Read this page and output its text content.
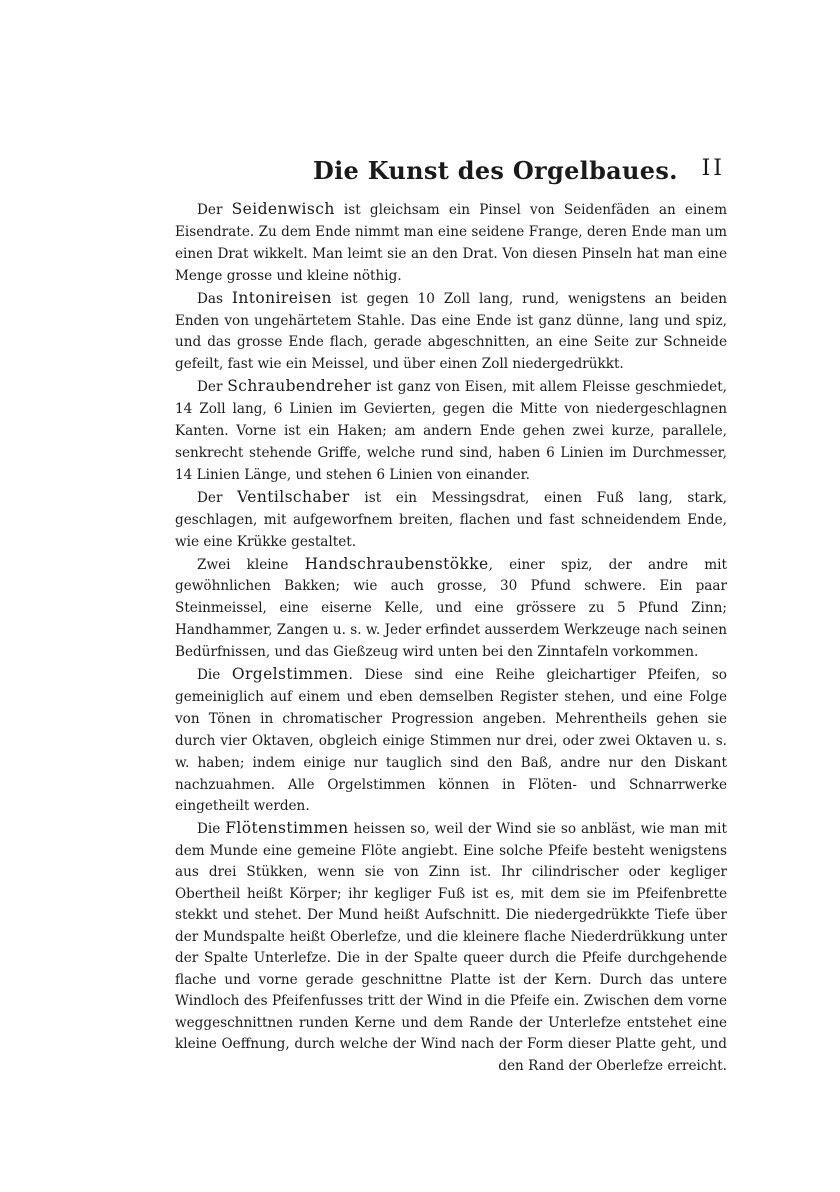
Die Kunst des Orgelbaues. II

Der Seidenwisch ist gleichsam ein Pinsel von Seidenfäden an einem Eisendrate. Zu dem Ende nimmt man eine seidene Frange, deren Ende man um einen Drat wikkelt. Man leimt sie an den Drat. Von diesen Pinseln hat man eine Menge grosse und kleine nöthig.

Das Intonireisen ist gegen 10 Zoll lang, rund, wenigstens an beiden Enden von ungehärtetem Stahle. Das eine Ende ist ganz dünne, lang und spiz, und das grosse Ende flach, gerade abgeschnitten, an eine Seite zur Schneide gefeilt, fast wie ein Meissel, und über einen Zoll niedergedrükkt.

Der Schraubendreher ist ganz von Eisen, mit allem Fleisse geschmiedet, 14 Zoll lang, 6 Linien im Gevierten, gegen die Mitte von niedergeschlagnen Kanten. Vorne ist ein Haken; am andern Ende gehen zwei kurze, parallele, senkrecht stehende Griffe, welche rund sind, haben 6 Linien im Durchmesser, 14 Linien Länge, und stehen 6 Linien von einander.

Der Ventilschaber ist ein Messingsdrat, einen Fuß lang, stark, geschlagen, mit aufgeworfnem breiten, flachen und fast schneidendem Ende, wie eine Krükke gestaltet.

Zwei kleine Handschraubenstökke, einer spiz, der andre mit gewöhnlichen Bakken; wie auch grosse, 30 Pfund schwere. Ein paar Steinmeissel, eine eiserne Kelle, und eine grössere zu 5 Pfund Zinn; Handhammer, Zangen u. s. w. Jeder erfindet ausserdem Werkzeuge nach seinen Bedürfnissen, und das Gießzeug wird unten bei den Zinntafeln vorkommen.

Die Orgelstimmen. Diese sind eine Reihe gleichartiger Pfeifen, so gemeiniglich auf einem und eben demselben Register stehen, und eine Folge von Tönen in chromatischer Progression angeben. Mehrentheils gehen sie durch vier Oktaven, obgleich einige Stimmen nur drei, oder zwei Oktaven u. s. w. haben; indem einige nur tauglich sind den Baß, andre nur den Diskant nachzuahmen. Alle Orgelstimmen können in Flöten- und Schnarrwerke eingetheilt werden.

Die Flötenstimmen heissen so, weil der Wind sie so anbläst, wie man mit dem Munde eine gemeine Flöte angiebt. Eine solche Pfeife besteht wenigstens aus drei Stükken, wenn sie von Zinn ist. Ihr cilindrischer oder kegliger Obertheil heißt Körper; ihr kegliger Fuß ist es, mit dem sie im Pfeifenbrette stekkt und stehet. Der Mund heißt Aufschnitt. Die niedergedrükkte Tiefe über der Mundspalte heißt Oberlefze, und die kleinere flache Niederdrükkung unter der Spalte Unterlefze. Die in der Spalte queer durch die Pfeife durchgehende flache und vorne gerade geschnittne Platte ist der Kern. Durch das untere Windloch des Pfeifenfusses tritt der Wind in die Pfeife ein. Zwischen dem vorne weggeschnittnen runden Kerne und dem Rande der Unterlefze entstehet eine kleine Oeffnung, durch welche der Wind nach der Form dieser Platte geht, und den Rand der Oberlefze erreicht.
